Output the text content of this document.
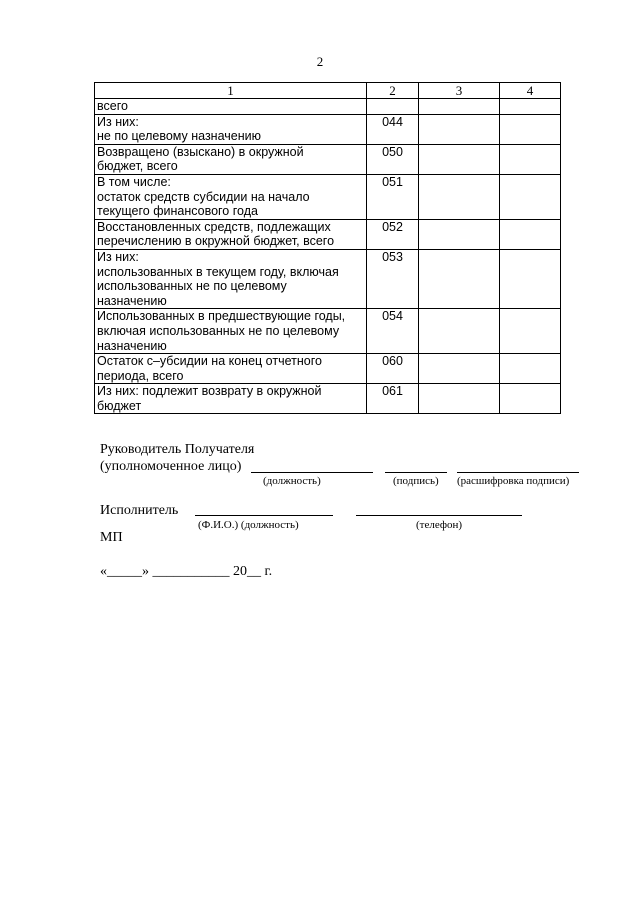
2
1	2	3	4
всего			
Из них:
не по целевому назначению	044		
Возвращено (взыскано) в окружной
бюджет, всего	050		
В том числе:
остаток средств субсидии на начало
текущего финансового года	051		
Восстановленных средств, подлежащих
перечислению в окружной бюджет, всего	052		
Из них:
использованных в текущем году, включая
использованных не по целевому
назначению	053		
Использованных в предшествующие годы,
включая использованных не по целевому
назначению	054		
Остаток с–убсидии на конец отчетного
периода, всего	060		
Из них: подлежит возврату в окружной
бюджет	061		
Руководитель Получателя
(уполномоченное лицо)
(должность)	(подпись) (расшифровка подписи)
Исполнитель
(Ф.И.О.) (должность)	(телефон)
МП
«_____» ___________ 20__ г.
